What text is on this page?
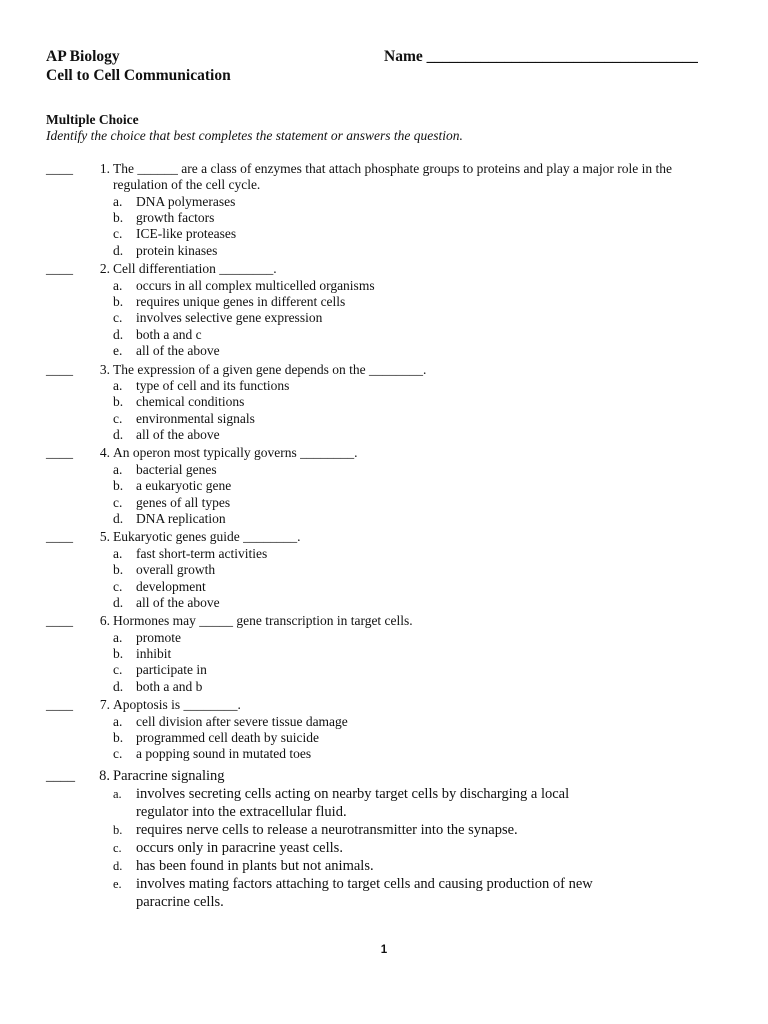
AP Biology
Cell to Cell Communication
Name ___________________________________
Multiple Choice
Identify the choice that best completes the statement or answers the question.
____	1. The ______ are a class of enzymes that attach phosphate groups to proteins and play a major role in the regulation of the cell cycle.
a. DNA polymerases
b. growth factors
c. ICE-like proteases
d. protein kinases
____	2. Cell differentiation ________.
a. occurs in all complex multicelled organisms
b. requires unique genes in different cells
c. involves selective gene expression
d. both a and c
e. all of the above
____	3. The expression of a given gene depends on the ________.
a. type of cell and its functions
b. chemical conditions
c. environmental signals
d. all of the above
____	4. An operon most typically governs ________.
a. bacterial genes
b. a eukaryotic gene
c. genes of all types
d. DNA replication
____	5. Eukaryotic genes guide ________.
a. fast short-term activities
b. overall growth
c. development
d. all of the above
____	6. Hormones may _____ gene transcription in target cells.
a. promote
b. inhibit
c. participate in
d. both a and b
____	7. Apoptosis is ________.
a. cell division after severe tissue damage
b. programmed cell death by suicide
c. a popping sound in mutated toes
____	8. Paracrine signaling
a. involves secreting cells acting on nearby target cells by discharging a local regulator into the extracellular fluid.
b. requires nerve cells to release a neurotransmitter into the synapse.
c. occurs only in paracrine yeast cells.
d. has been found in plants but not animals.
e. involves mating factors attaching to target cells and causing production of new paracrine cells.
1
